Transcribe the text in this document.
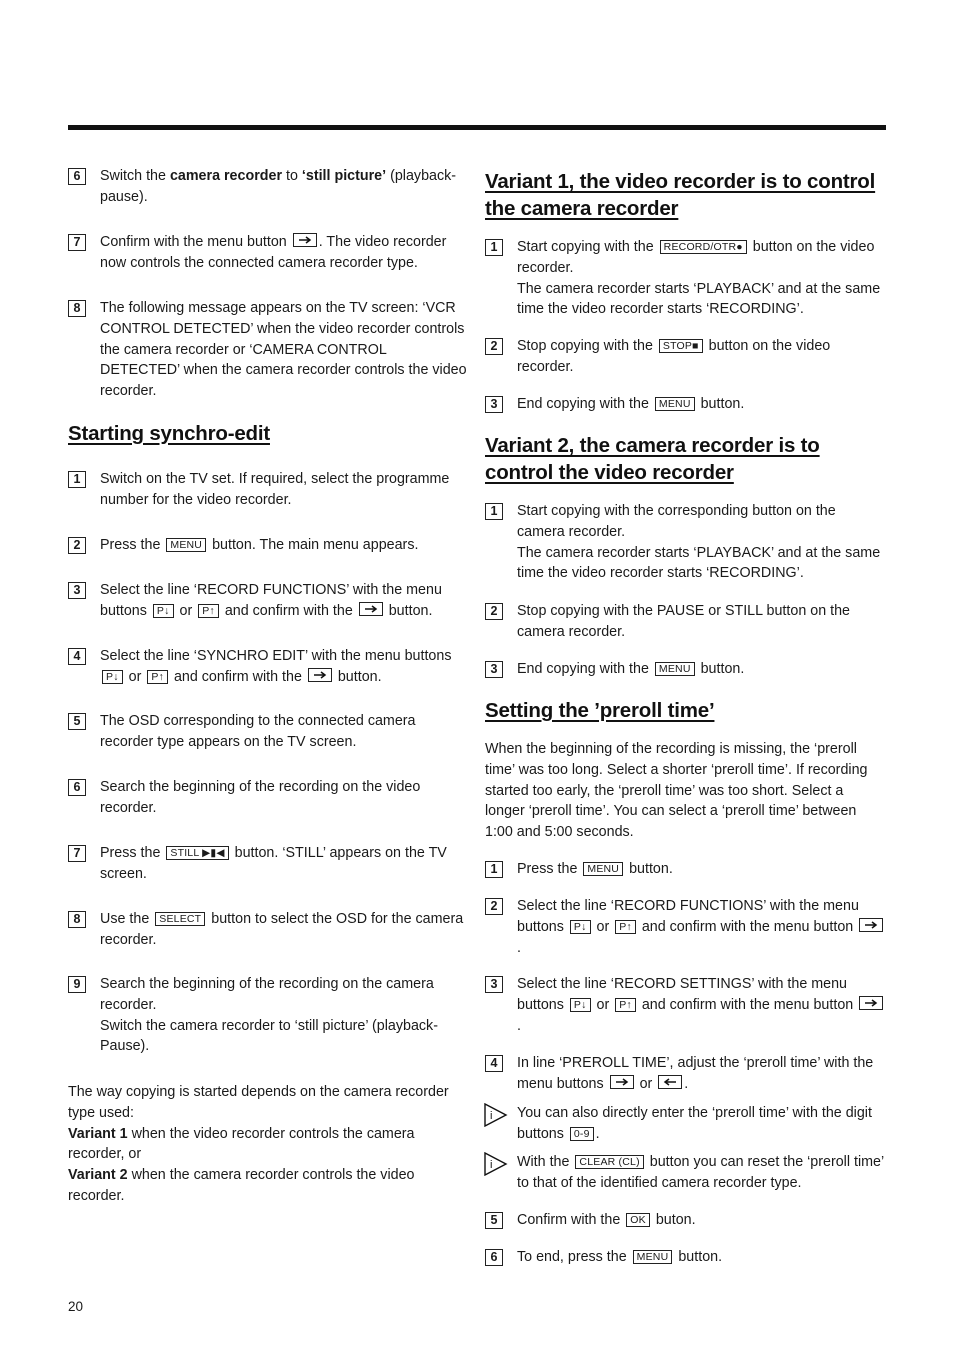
6	Switch the camera recorder to ‘still picture’ (playback-pause).
7	Confirm with the menu button
. The video recorder now controls the connected camera recorder type.
8	The following message appears on the TV screen: ‘VCR CONTROL DETECTED’ when the video recorder controls the camera recorder or ‘CAMERA CONTROL DETECTED’ when the camera recorder controls the video recorder.
Starting synchro-edit
1	Switch on the TV set. If required, select the programme number for the video recorder.
2	Press the MENU button. The main menu appears.
3	Select the line ‘RECORD FUNCTIONS’ with the menu buttons P↓ or P↑ and confirm with the
button.
4	Select the line ‘SYNCHRO EDIT’ with the menu buttons P↓ or P↑ and confirm with the
button.
5	The OSD corresponding to the connected camera recorder type appears on the TV screen.
6	Search the beginning of the recording on the video recorder.
7	Press the STILL ▶▮◀ button. ‘STILL’ appears on the TV screen.
8	Use the SELECT button to select the OSD for the camera recorder.
9	Search the beginning of the recording on the camera recorder.
Switch the camera recorder to ‘still picture’ (playback-Pause).
The way copying is started depends on the camera recorder type used:
Variant 1 when the video recorder controls the camera recorder, or
Variant 2 when the camera recorder controls the video recorder.
Variant 1, the video recorder is to control the camera recorder
1	Start copying with the RECORD/OTR● button on the video recorder.
The camera recorder starts ‘PLAYBACK’ and at the same time the video recorder starts ‘RECORDING’.
2	Stop copying with the STOP■ button on the video recorder.
3	End copying with the MENU button.
Variant 2, the camera recorder is to control the video recorder
1	Start copying with the corresponding button on the camera recorder.
The camera recorder starts ‘PLAYBACK’ and at the same time the video recorder starts ‘RECORDING’.
2	Stop copying with the PAUSE or STILL button on the camera recorder.
3	End copying with the MENU button.
Setting the ’preroll time’
When the beginning of the recording is missing, the ‘preroll time’ was too long. Select a shorter ‘preroll time’. If recording started too early, the ‘preroll time’ was too short. Select a longer ‘preroll time’. You can select a ‘preroll time’ between 1:00 and 5:00 seconds.
1	Press the MENU button.
2	Select the line ‘RECORD FUNCTIONS’ with the menu buttons P↓ or P↑ and confirm with the menu button
.
3	Select the line ‘RECORD SETTINGS’ with the menu buttons P↓ or P↑ and confirm with the menu button
.
4	In line ‘PREROLL TIME’, adjust the ‘preroll time’ with the menu buttons
or
.
i You can also directly enter the ‘preroll time’ with the digit buttons 0-9 .
i With the CLEAR (CL) button you can reset the ‘preroll time’ to that of the identified camera recorder type.
5	Confirm with the OK buton.
6	To end, press the MENU button.
20
